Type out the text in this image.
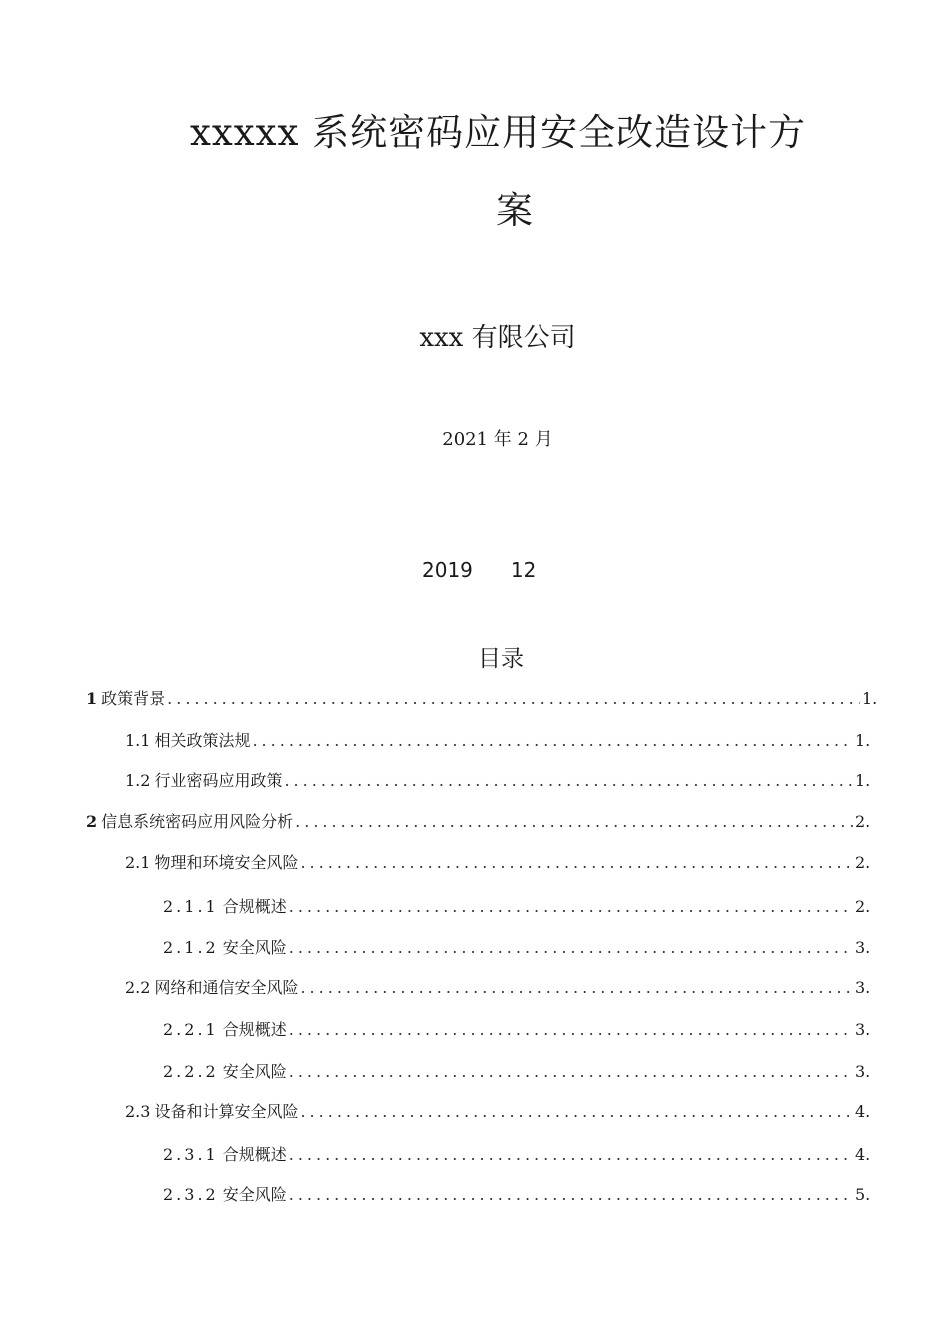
xxxxx 系统密码应用安全改造设计方
案
xxx 有限公司
2021 年 2 月
2019 12
目录
1 政策背景 .....	1.
1.1 相关政策法规 .....	1.
1.2 行业密码应用政策 .....	1.
2 信息系统密码应用风险分析 .....	2.
2.1 物理和环境安全风险 .....	2.
2.1.1 合规概述 .....	2.
2.1.2 安全风险 .....	3.
2.2 网络和通信安全风险 .....	3.
2.2.1 合规概述 .....	3.
2.2.2 安全风险 .....	3.
2.3 设备和计算安全风险 .....	4.
2.3.1 合规概述 .....	4.
2.3.2 安全风险 .....	5.
